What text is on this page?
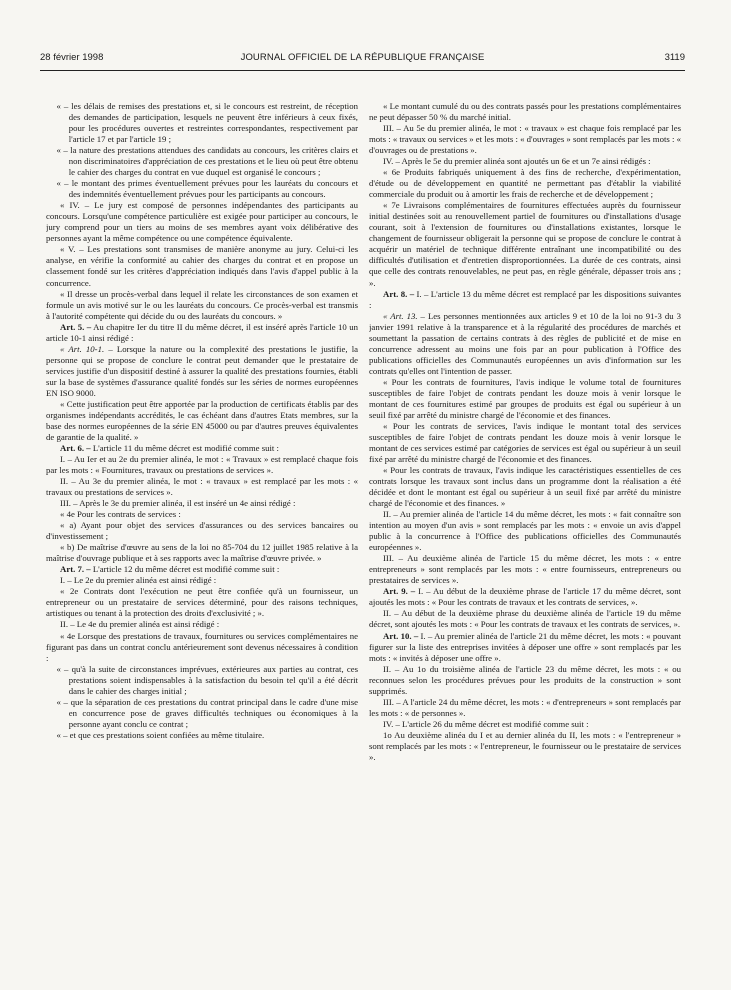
28 février 1998	JOURNAL OFFICIEL DE LA RÉPUBLIQUE FRANÇAISE	3119

« – les délais de remises des prestations et, si le concours est restreint, de réception des demandes de participation, lesquels ne peuvent être inférieurs à ceux fixés, pour les procédures ouvertes et restreintes correspondantes, respectivement par l'article 17 et par l'article 19 ;

« – la nature des prestations attendues des candidats au concours, les critères clairs et non discriminatoires d'appréciation de ces prestations et le lieu où peut être obtenu le cahier des charges du contrat en vue duquel est organisé le concours ;

« – le montant des primes éventuellement prévues pour les lauréats du concours et des indemnités éventuellement prévues pour les participants au concours.

« IV. – Le jury est composé de personnes indépendantes des participants au concours. Lorsqu'une compétence particulière est exigée pour participer au concours, le jury comprend pour un tiers au moins de ses membres ayant voix délibérative des personnes ayant la même compétence ou une compétence équivalente.

« V. – Les prestations sont transmises de manière anonyme au jury. Celui-ci les analyse, en vérifie la conformité au cahier des charges du contrat et en propose un classement fondé sur les critères d'appréciation indiqués dans l'avis d'appel public à la concurrence.

« Il dresse un procès-verbal dans lequel il relate les circonstances de son examen et formule un avis motivé sur le ou les lauréats du concours. Ce procès-verbal est transmis à l'autorité compétente qui décide du ou des lauréats du concours. »

Art. 5. – Au chapitre Ier du titre II du même décret, il est inséré après l'article 10 un article 10-1 ainsi rédigé :

« Art. 10-1. – Lorsque la nature ou la complexité des prestations le justifie, la personne qui se propose de conclure le contrat peut demander que le prestataire de services justifie d'un dispositif destiné à assurer la qualité des prestations fournies, établi sur la base de systèmes d'assurance qualité fondés sur les séries de normes européennes EN ISO 9000.

« Cette justification peut être apportée par la production de certificats établis par des organismes indépendants accrédités, le cas échéant dans d'autres Etats membres, sur la base des normes européennes de la série EN 45000 ou par d'autres preuves équivalentes de garantie de la qualité. »

Art. 6. – L'article 11 du même décret est modifié comme suit :

I. – Au Ier et au 2e du premier alinéa, le mot : « Travaux » est remplacé chaque fois par les mots : « Fournitures, travaux ou prestations de services ».

II. – Au 3e du premier alinéa, le mot : « travaux » est remplacé par les mots : « travaux ou prestations de services ».

III. – Après le 3e du premier alinéa, il est inséré un 4e ainsi rédigé :

« 4e Pour les contrats de services :

« a) Ayant pour objet des services d'assurances ou des services bancaires ou d'investissement ;

« b) De maîtrise d'œuvre au sens de la loi no 85-704 du 12 juillet 1985 relative à la maîtrise d'ouvrage publique et à ses rapports avec la maîtrise d'œuvre privée. »

Art. 7. – L'article 12 du même décret est modifié comme suit :

I. – Le 2e du premier alinéa est ainsi rédigé :

« 2e Contrats dont l'exécution ne peut être confiée qu'à un fournisseur, un entrepreneur ou un prestataire de services déterminé, pour des raisons techniques, artistiques ou tenant à la protection des droits d'exclusivité ; ».

II. – Le 4e du premier alinéa est ainsi rédigé :

« 4e Lorsque des prestations de travaux, fournitures ou services complémentaires ne figurant pas dans un contrat conclu antérieurement sont devenus nécessaires à condition :

« – qu'à la suite de circonstances imprévues, extérieures aux parties au contrat, ces prestations soient indispensables à la satisfaction du besoin tel qu'il a été décrit dans le cahier des charges initial ;

« – que la séparation de ces prestations du contrat principal dans le cadre d'une mise en concurrence pose de graves difficultés techniques ou économiques à la personne ayant conclu ce contrat ;

« – et que ces prestations soient confiées au même titulaire.

« Le montant cumulé du ou des contrats passés pour les prestations complémentaires ne peut dépasser 50 % du marché initial.

III. – Au 5e du premier alinéa, le mot : « travaux » est chaque fois remplacé par les mots : « travaux ou services » et les mots : « d'ouvrages » sont remplacés par les mots : « d'ouvrages ou de prestations ».

IV. – Après le 5e du premier alinéa sont ajoutés un 6e et un 7e ainsi rédigés :

« 6e Produits fabriqués uniquement à des fins de recherche, d'expérimentation, d'étude ou de développement en quantité ne permettant pas d'établir la viabilité commerciale du produit ou à amortir les frais de recherche et de développement ;

« 7e Livraisons complémentaires de fournitures effectuées auprès du fournisseur initial destinées soit au renouvellement partiel de fournitures ou d'installations d'usage courant, soit à l'extension de fournitures ou d'installations existantes, lorsque le changement de fournisseur obligerait la personne qui se propose de conclure le contrat à acquérir un matériel de technique différente entraînant une incompatibilité ou des difficultés d'utilisation et d'entretien disproportionnées. La durée de ces contrats, ainsi que celle des contrats renouvelables, ne peut pas, en règle générale, dépasser trois ans ; ».

Art. 8. – I. – L'article 13 du même décret est remplacé par les dispositions suivantes :

« Art. 13. – Les personnes mentionnées aux articles 9 et 10 de la loi no 91-3 du 3 janvier 1991 relative à la transparence et à la régularité des procédures de marchés et soumettant la passation de certains contrats à des règles de publicité et de mise en concurrence adressent au moins une fois par an pour publication à l'Office des publications officielles des Communautés européennes un avis d'information sur les contrats qu'elles ont l'intention de passer.

« Pour les contrats de fournitures, l'avis indique le volume total de fournitures susceptibles de faire l'objet de contrats pendant les douze mois à venir lorsque le montant de ces fournitures estimé par groupes de produits est égal ou supérieur à un seuil fixé par arrêté du ministre chargé de l'économie et des finances.

« Pour les contrats de services, l'avis indique le montant total des services susceptibles de faire l'objet de contrats pendant les douze mois à venir lorsque le montant de ces services estimé par catégories de services est égal ou supérieur à un seuil fixé par arrêté du ministre chargé de l'économie et des finances.

« Pour les contrats de travaux, l'avis indique les caractéristiques essentielles de ces contrats lorsque les travaux sont inclus dans un programme dont la réalisation a été décidée et dont le montant est égal ou supérieur à un seuil fixé par arrêté du ministre chargé de l'économie et des finances. »

II. – Au premier alinéa de l'article 14 du même décret, les mots : « fait connaître son intention au moyen d'un avis » sont remplacés par les mots : « envoie un avis d'appel public à la concurrence à l'Office des publications officielles des Communautés européennes ».

III. – Au deuxième alinéa de l'article 15 du même décret, les mots : « entre entrepreneurs » sont remplacés par les mots : « entre fournisseurs, entrepreneurs ou prestataires de services ».

Art. 9. – I. – Au début de la deuxième phrase de l'article 17 du même décret, sont ajoutés les mots : « Pour les contrats de travaux et les contrats de services, ».

II. – Au début de la deuxième phrase du deuxième alinéa de l'article 19 du même décret, sont ajoutés les mots : « Pour les contrats de travaux et les contrats de services, ».

Art. 10. – I. – Au premier alinéa de l'article 21 du même décret, les mots : « pouvant figurer sur la liste des entreprises invitées à déposer une offre » sont remplacés par les mots : « invités à déposer une offre ».

II. – Au 1o du troisième alinéa de l'article 23 du même décret, les mots : « ou reconnues selon les procédures prévues pour les produits de la construction » sont supprimés.

III. – A l'article 24 du même décret, les mots : « d'entrepreneurs » sont remplacés par les mots : « de personnes ».

IV. – L'article 26 du même décret est modifié comme suit :

1o Au deuxième alinéa du I et au dernier alinéa du II, les mots : « l'entrepreneur » sont remplacés par les mots : « l'entrepreneur, le fournisseur ou le prestataire de services ».
